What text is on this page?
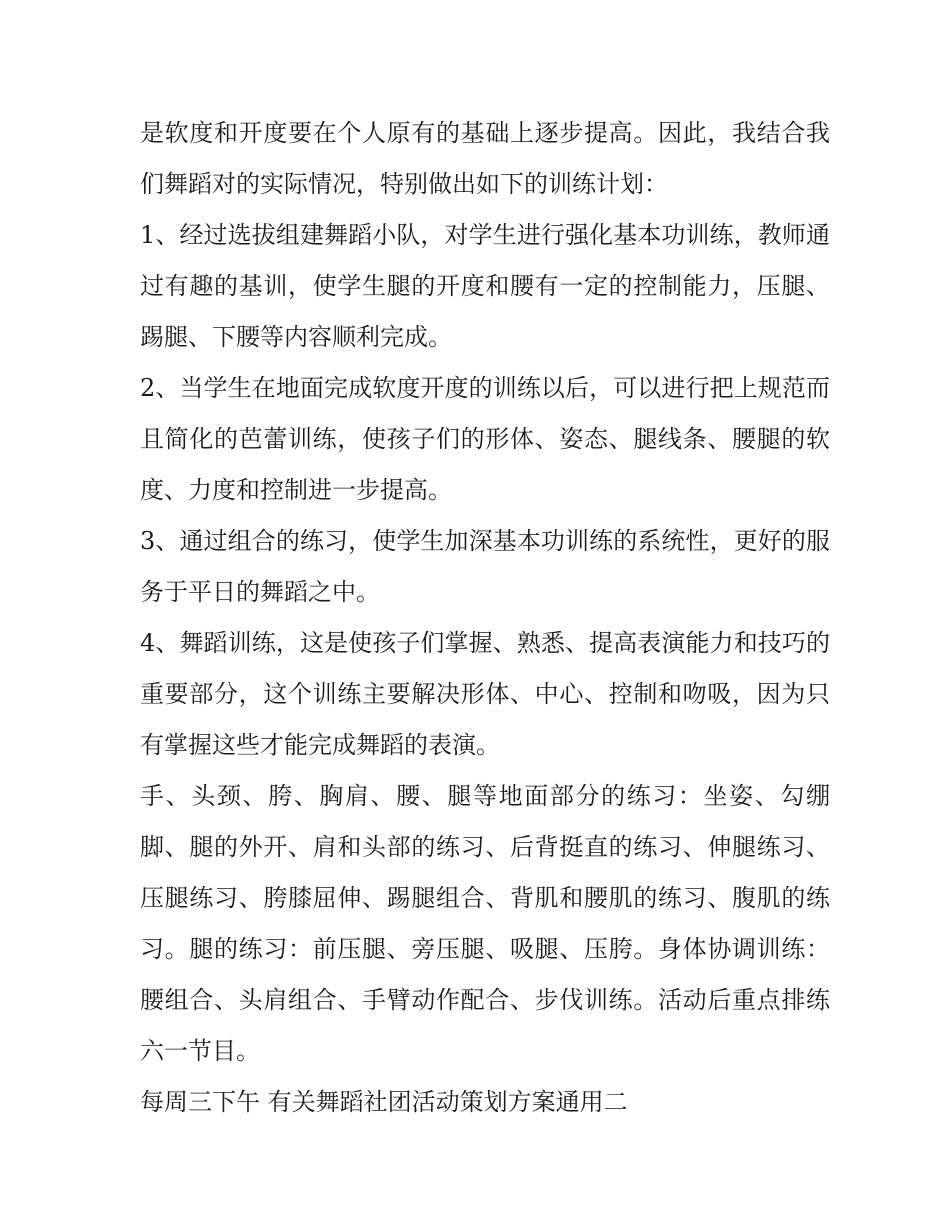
是软度和开度要在个人原有的基础上逐步提高。因此，我结合我们舞蹈对的实际情况，特别做出如下的训练计划：

1、经过选拔组建舞蹈小队，对学生进行强化基本功训练，教师通过有趣的基训，使学生腿的开度和腰有一定的控制能力，压腿、踢腿、下腰等内容顺利完成。

2、当学生在地面完成软度开度的训练以后，可以进行把上规范而且简化的芭蕾训练，使孩子们的形体、姿态、腿线条、腰腿的软度、力度和控制进一步提高。

3、通过组合的练习，使学生加深基本功训练的系统性，更好的服务于平日的舞蹈之中。

4、舞蹈训练，这是使孩子们掌握、熟悉、提高表演能力和技巧的重要部分，这个训练主要解决形体、中心、控制和吻吸，因为只有掌握这些才能完成舞蹈的表演。

手、头颈、胯、胸肩、腰、腿等地面部分的练习：坐姿、勾绷脚、腿的外开、肩和头部的练习、后背挺直的练习、伸腿练习、压腿练习、胯膝屈伸、踢腿组合、背肌和腰肌的练习、腹肌的练习。腿的练习：前压腿、旁压腿、吸腿、压胯。身体协调训练：腰组合、头肩组合、手臂动作配合、步伐训练。活动后重点排练六一节目。

每周三下午 有关舞蹈社团活动策划方案通用二
